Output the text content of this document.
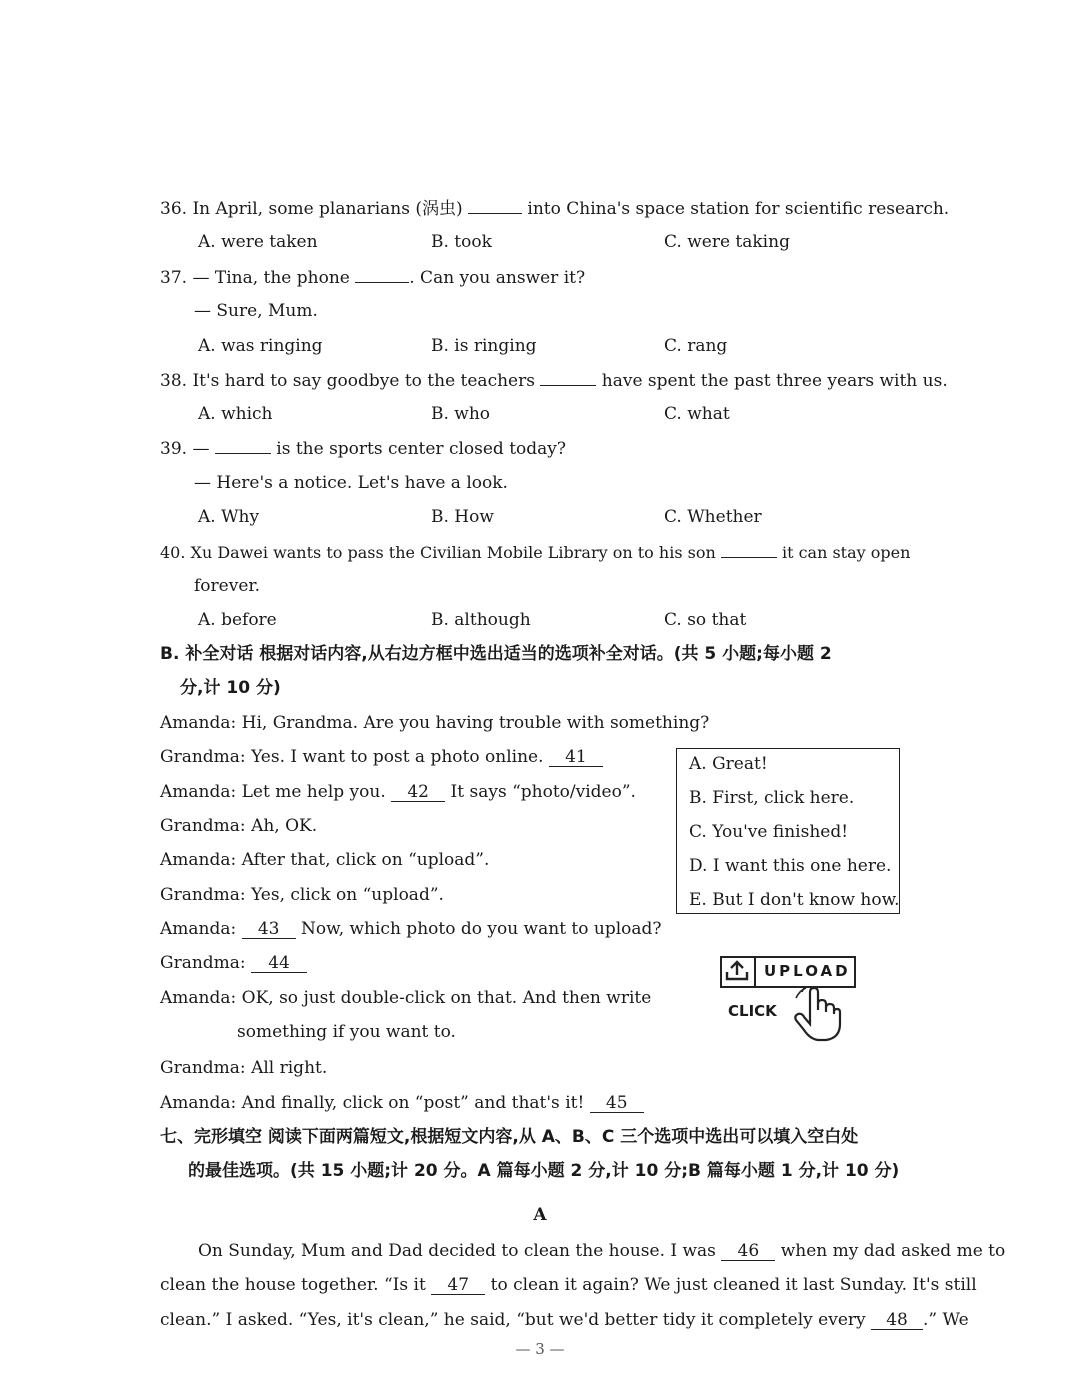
36. In April, some planarians (涡虫)	into China's space station for scientific research.
A. were taken	B. took	C. were taking
37. — Tina, the phone	. Can you answer it?
— Sure, Mum.
A. was ringing	B. is ringing	C. rang
38. It's hard to say goodbye to the teachers	have spent the past three years with us.
A. which	B. who	C. what
39. —	is the sports center closed today?
— Here's a notice. Let's have a look.
A. Why	B. How	C. Whether
40. Xu Dawei wants to pass the Civilian Mobile Library on to his son	it can stay open
forever.
A. before	B. although	C. so that
B. 补全对话 根据对话内容,从右边方框中选出适当的选项补全对话。(共 5 小题;每小题 2
分,计 10 分)
Amanda: Hi, Grandma. Are you having trouble with something?
Grandma: Yes. I want to post a photo online. 41
Amanda: Let me help you. 42 It says “photo/video”.
Grandma: Ah, OK.
Amanda: After that, click on “upload”.
Grandma: Yes, click on “upload”.
Amanda: 43 Now, which photo do you want to upload?
Grandma: 44
Amanda: OK, so just double-click on that. And then write
something if you want to.
Grandma: All right.
Amanda: And finally, click on “post” and that's it! 45
A. Great!
B. First, click here.
C. You've finished!
D. I want this one here.
E. But I don't know how.
UPLOAD
CLICK
七、完形填空 阅读下面两篇短文,根据短文内容,从 A、B、C 三个选项中选出可以填入空白处
的最佳选项。(共 15 小题;计 20 分。A 篇每小题 2 分,计 10 分;B 篇每小题 1 分,计 10 分)
A
On Sunday, Mum and Dad decided to clean the house. I was 46 when my dad asked me to
clean the house together. “Is it 47 to clean it again? We just cleaned it last Sunday. It's still
clean.” I asked. “Yes, it's clean,” he said, “but we'd better tidy it completely every 48 .” We
— 3 —
